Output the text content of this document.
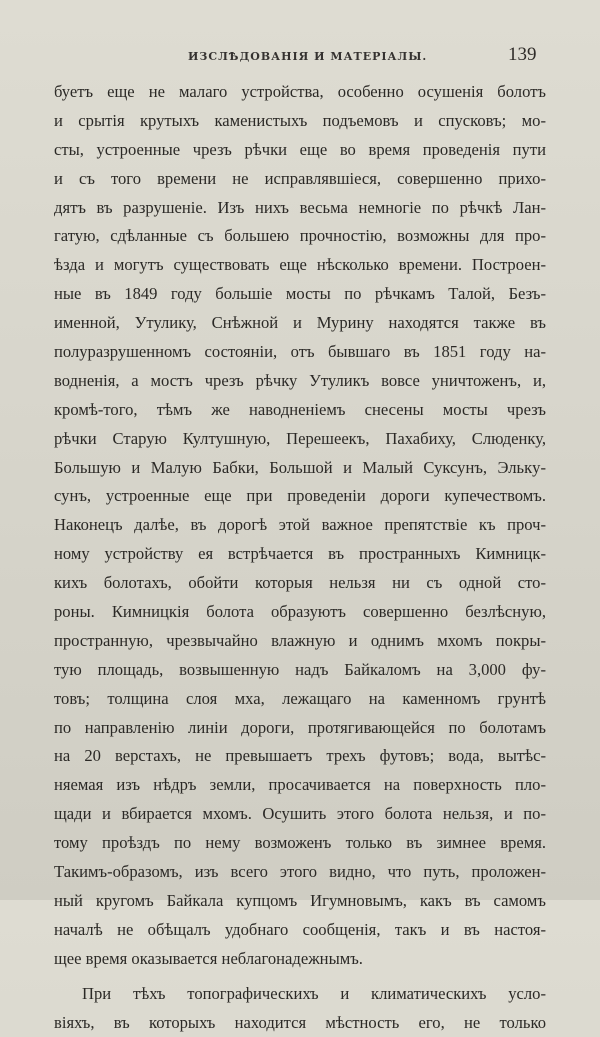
ИЗСЛѢДОВАНІЯ И МАТЕРІАЛЫ.	139
буетъ еще не малаго устройства, особенно осушенія болотъ
и срытія крутыхъ каменистыхъ подъемовъ и спусковъ; мо-
сты, устроенные чрезъ рѣчки еще во время проведенія пути
и съ того времени не исправлявшіеся, совершенно прихо-
дятъ въ разрушеніе. Изъ нихъ весьма немногіе по рѣчкѣ Лан-
гатую, сдѣланные съ большею прочностію, возможны для про-
ѣзда и могутъ существовать еще нѣсколько времени. Построен-
ные въ 1849 году большіе мосты по рѣчкамъ Талой, Безъ-
именной, Утулику, Снѣжной и Мурину находятся также въ
полуразрушенномъ состояніи, отъ бывшаго въ 1851 году на-
водненія, а мостъ чрезъ рѣчку Утуликъ вовсе уничтоженъ, и,
кромѣ-того, тѣмъ же наводненіемъ снесены мосты чрезъ
рѣчки Старую Култушную, Перешеекъ, Пахабиху, Слюденку,
Большую и Малую Бабки, Большой и Малый Суксунъ, Элькy-
сунъ, устроенные еще при проведеніи дороги купечествомъ.
Наконецъ далѣе, въ дорогѣ этой важное препятствіе къ проч-
ному устройству ея встрѣчается въ пространныхъ Кимницк-
кихъ болотахъ, обойти которыя нельзя ни съ одной сто-
роны. Кимницкія болота образуютъ совершенно безлѣсную,
пространную, чрезвычайно влажную и однимъ мхомъ покры-
тую площадь, возвышенную надъ Байкаломъ на 3,000 фу-
товъ; толщина слоя мха, лежащаго на каменномъ грунтѣ
по направленію линіи дороги, протягивающейся по болотамъ
на 20 верстахъ, не превышаетъ трехъ футовъ; вода, вытѣс-
няемая изъ нѣдръ земли, просачивается на поверхность пло-
щади и вбирается мхомъ. Осушить этого болота нельзя, и по-
тому проѣздъ по нему возможенъ только въ зимнее время.
Такимъ-образомъ, изъ всего этого видно, что путь, проложен-
ный кругомъ Байкала купцомъ Игумновымъ, какъ въ самомъ
началѣ не обѣщалъ удобнаго сообщенія, такъ и въ настоя-
щее время оказывается неблагонадежнымъ.
При тѣхъ топографическихъ и климатическихъ усло-
віяхъ, въ которыхъ находится мѣстность его, не только
